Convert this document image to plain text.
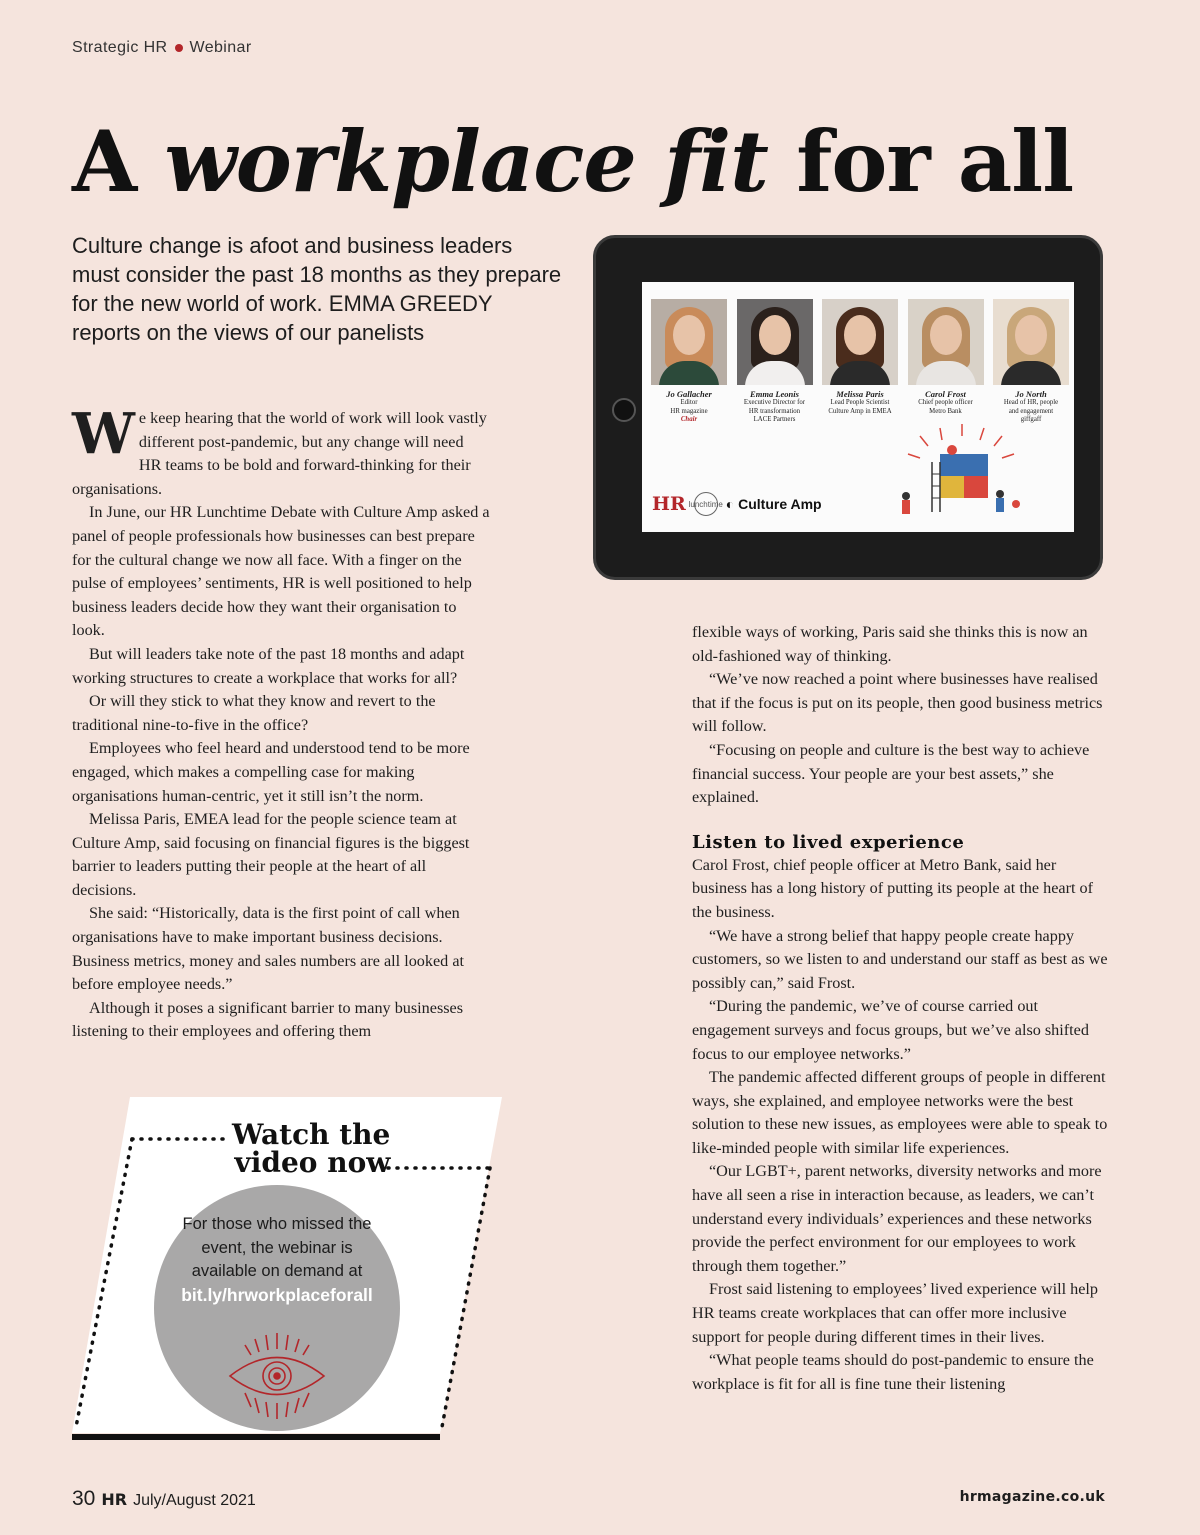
Strategic HR Webinar
A workplace fit for all

Culture change is afoot and business leaders must consider the past 18 months as they prepare for the new world of work. EMMA GREEDY reports on the views of our panelists

Jo Gallacher
Editor
HR magazine
Chair
Emma Leonis
Executive Director for
HR transformation
LACE Partners
Melissa Paris
Lead People Scientist
Culture Amp in EMEA
Carol Frost
Chief people officer
Metro Bank
Jo North
Head of HR, people
and engagement
giffgaff
HR lunchtime ◐ Culture Amp

We keep hearing that the world of work will look vastly different post-pandemic, but any change will need HR teams to be bold and forward-thinking for their organisations.

In June, our HR Lunchtime Debate with Culture Amp asked a panel of people professionals how businesses can best prepare for the cultural change we now all face. With a finger on the pulse of employees’ sentiments, HR is well positioned to help business leaders decide how they want their organisation to look.

But will leaders take note of the past 18 months and adapt working structures to create a workplace that works for all?

Or will they stick to what they know and revert to the traditional nine-to-five in the office?

Employees who feel heard and understood tend to be more engaged, which makes a compelling case for making organisations human-centric, yet it still isn’t the norm.

Melissa Paris, EMEA lead for the people science team at Culture Amp, said focusing on financial figures is the biggest barrier to leaders putting their people at the heart of all decisions.

She said: “Historically, data is the first point of call when organisations have to make important business decisions. Business metrics, money and sales numbers are all looked at before employee needs.”

Although it poses a significant barrier to many businesses listening to their employees and offering them

flexible ways of working, Paris said she thinks this is now an old-fashioned way of thinking.

“We’ve now reached a point where businesses have realised that if the focus is put on its people, then good business metrics will follow.

“Focusing on people and culture is the best way to achieve financial success. Your people are your best assets,” she explained.

Listen to lived experience

Carol Frost, chief people officer at Metro Bank, said her business has a long history of putting its people at the heart of the business.

“We have a strong belief that happy people create happy customers, so we listen to and understand our staff as best as we possibly can,” said Frost.

“During the pandemic, we’ve of course carried out engagement surveys and focus groups, but we’ve also shifted focus to our employee networks.”

The pandemic affected different groups of people in different ways, she explained, and employee networks were the best solution to these new issues, as employees were able to speak to like-minded people with similar life experiences.

“Our LGBT+, parent networks, diversity networks and more have all seen a rise in interaction because, as leaders, we can’t understand every individuals’ experiences and these networks provide the perfect environment for our employees to work through them together.”

Frost said listening to employees’ lived experience will help HR teams create workplaces that can offer more inclusive support for people during different times in their lives.

“What people teams should do post-pandemic to ensure the workplace is fit for all is fine tune their listening

Watch the
video now
For those who missed the event, the webinar is available on demand at
bit.ly/hrworkplaceforall
30 HR July/August 2021	hrmagazine.co.uk
